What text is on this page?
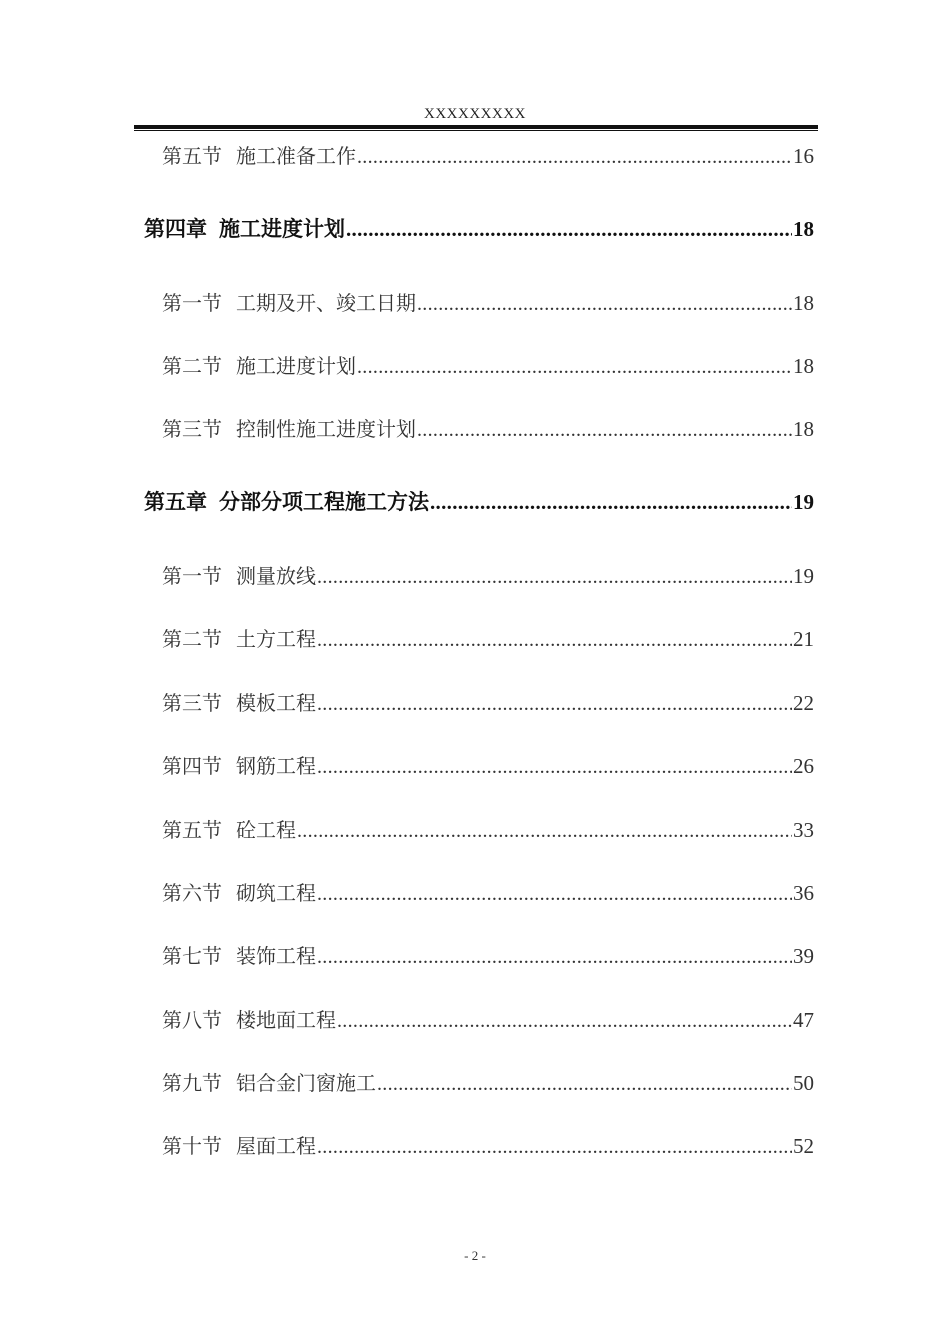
XXXXXXXXX
第五节 施工准备工作 .....	16
第四章 施工进度计划 .....	18
第一节 工期及开、竣工日期 .....	18
第二节 施工进度计划 .....	18
第三节 控制性施工进度计划 .....	18
第五章 分部分项工程施工方法 .....	19
第一节 测量放线 .....	19
第二节 土方工程 .....	21
第三节 模板工程 .....	22
第四节 钢筋工程 .....	26
第五节 砼工程 .....	33
第六节 砌筑工程 .....	36
第七节 装饰工程 .....	39
第八节 楼地面工程 .....	47
第九节 铝合金门窗施工 .....	50
第十节 屋面工程 .....	52
- 2 -
